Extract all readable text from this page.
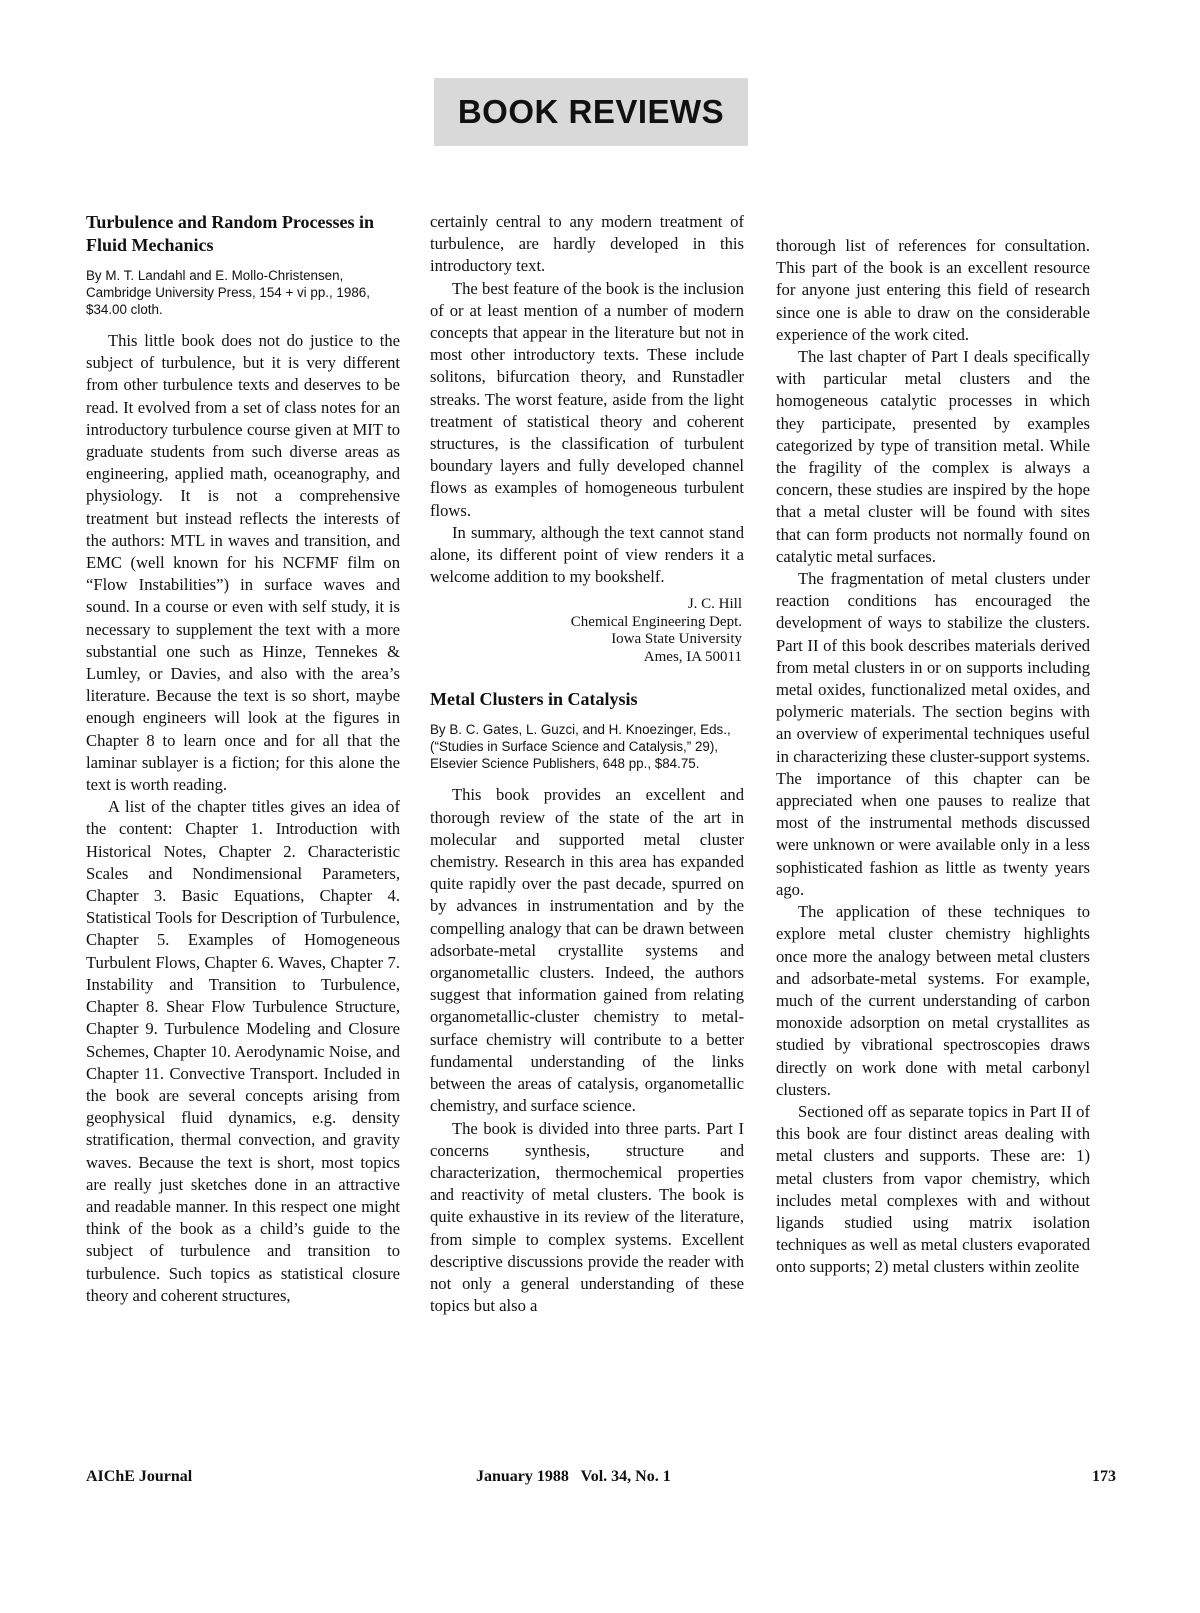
BOOK REVIEWS
Turbulence and Random Processes in Fluid Mechanics
By M. T. Landahl and E. Mollo-Christensen, Cambridge University Press, 154 + vi pp., 1986, $34.00 cloth.

This little book does not do justice to the subject of turbulence, but it is very different from other turbulence texts and deserves to be read. It evolved from a set of class notes for an introductory turbulence course given at MIT to graduate students from such diverse areas as engineering, applied math, oceanography, and physiology. It is not a comprehensive treatment but instead reflects the interests of the authors: MTL in waves and transition, and EMC (well known for his NCFMF film on “Flow Instabilities”) in surface waves and sound. In a course or even with self study, it is necessary to supplement the text with a more substantial one such as Hinze, Tennekes & Lumley, or Davies, and also with the area’s literature. Because the text is so short, maybe enough engineers will look at the figures in Chapter 8 to learn once and for all that the laminar sublayer is a fiction; for this alone the text is worth reading.

A list of the chapter titles gives an idea of the content: Chapter 1. Introduction with Historical Notes, Chapter 2. Characteristic Scales and Nondimensional Parameters, Chapter 3. Basic Equations, Chapter 4. Statistical Tools for Description of Turbulence, Chapter 5. Examples of Homogeneous Turbulent Flows, Chapter 6. Waves, Chapter 7. Instability and Transition to Turbulence, Chapter 8. Shear Flow Turbulence Structure, Chapter 9. Turbulence Modeling and Closure Schemes, Chapter 10. Aerodynamic Noise, and Chapter 11. Convective Transport. Included in the book are several concepts arising from geophysical fluid dynamics, e.g. density stratification, thermal convection, and gravity waves. Because the text is short, most topics are really just sketches done in an attractive and readable manner. In this respect one might think of the book as a child’s guide to the subject of turbulence and transition to turbulence. Such topics as statistical closure theory and coherent structures,

certainly central to any modern treatment of turbulence, are hardly developed in this introductory text.

The best feature of the book is the inclusion of or at least mention of a number of modern concepts that appear in the literature but not in most other introductory texts. These include solitons, bifurcation theory, and Runstadler streaks. The worst feature, aside from the light treatment of statistical theory and coherent structures, is the classification of turbulent boundary layers and fully developed channel flows as examples of homogeneous turbulent flows.

In summary, although the text cannot stand alone, its different point of view renders it a welcome addition to my bookshelf.

J. C. Hill
Chemical Engineering Dept.
Iowa State University
Ames, IA 50011
Metal Clusters in Catalysis
By B. C. Gates, L. Guzci, and H. Knoezinger, Eds., (“Studies in Surface Science and Catalysis,” 29), Elsevier Science Publishers, 648 pp., $84.75.

This book provides an excellent and thorough review of the state of the art in molecular and supported metal cluster chemistry. Research in this area has expanded quite rapidly over the past decade, spurred on by advances in instrumentation and by the compelling analogy that can be drawn between adsorbate-metal crystallite systems and organometallic clusters. Indeed, the authors suggest that information gained from relating organometallic-cluster chemistry to metal-surface chemistry will contribute to a better fundamental understanding of the links between the areas of catalysis, organometallic chemistry, and surface science.

The book is divided into three parts. Part I concerns synthesis, structure and characterization, thermochemical properties and reactivity of metal clusters. The book is quite exhaustive in its review of the literature, from simple to complex systems. Excellent descriptive discussions provide the reader with not only a general understanding of these topics but also a

thorough list of references for consultation. This part of the book is an excellent resource for anyone just entering this field of research since one is able to draw on the considerable experience of the work cited.

The last chapter of Part I deals specifically with particular metal clusters and the homogeneous catalytic processes in which they participate, presented by examples categorized by type of transition metal. While the fragility of the complex is always a concern, these studies are inspired by the hope that a metal cluster will be found with sites that can form products not normally found on catalytic metal surfaces.

The fragmentation of metal clusters under reaction conditions has encouraged the development of ways to stabilize the clusters. Part II of this book describes materials derived from metal clusters in or on supports including metal oxides, functionalized metal oxides, and polymeric materials. The section begins with an overview of experimental techniques useful in characterizing these cluster-support systems. The importance of this chapter can be appreciated when one pauses to realize that most of the instrumental methods discussed were unknown or were available only in a less sophisticated fashion as little as twenty years ago.

The application of these techniques to explore metal cluster chemistry highlights once more the analogy between metal clusters and adsorbate-metal systems. For example, much of the current understanding of carbon monoxide adsorption on metal crystallites as studied by vibrational spectroscopies draws directly on work done with metal carbonyl clusters.

Sectioned off as separate topics in Part II of this book are four distinct areas dealing with metal clusters and supports. These are: 1) metal clusters from vapor chemistry, which includes metal complexes with and without ligands studied using matrix isolation techniques as well as metal clusters evaporated onto supports; 2) metal clusters within zeolite

AIChE Journal	January 1988   Vol. 34, No. 1	173
